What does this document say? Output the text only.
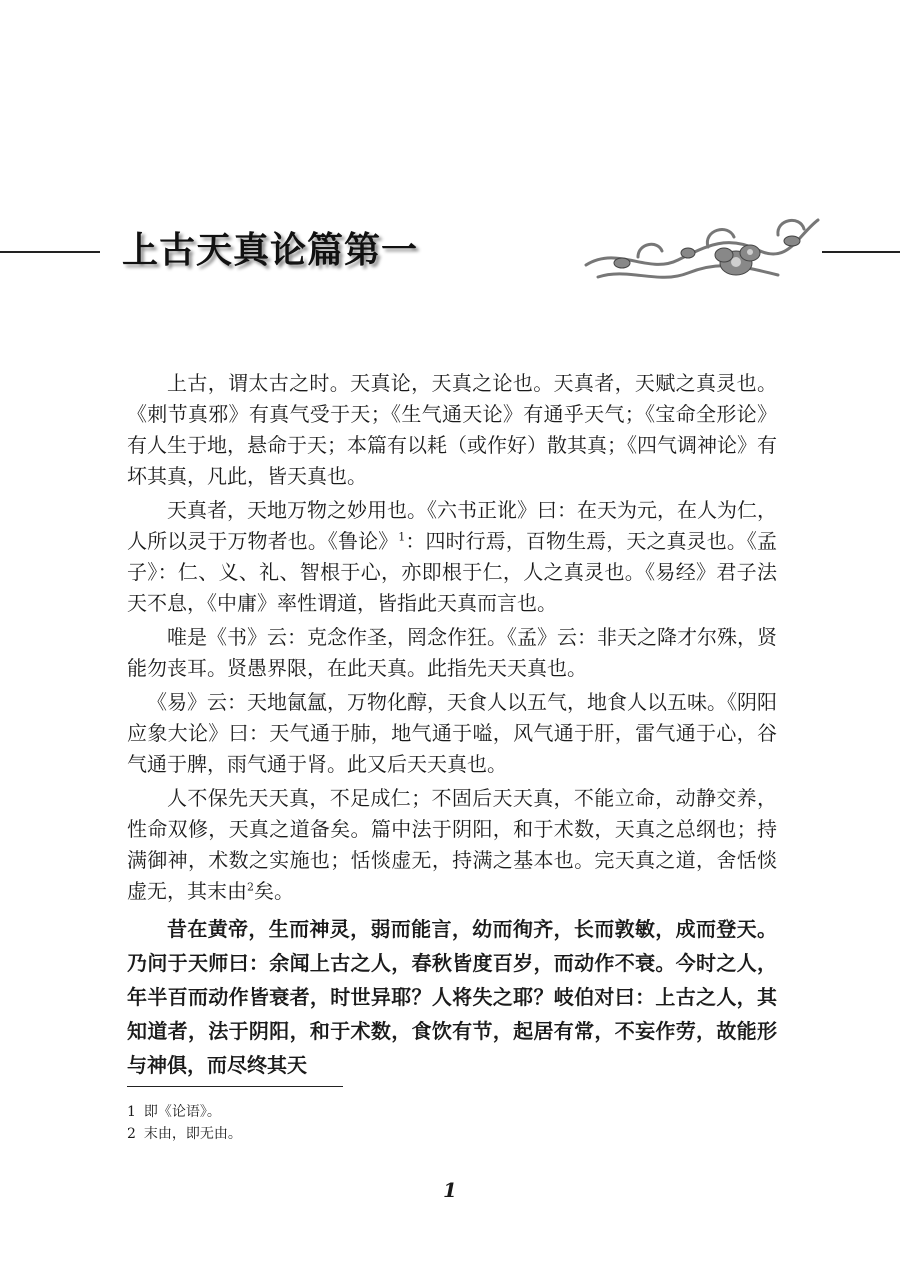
上古天真论篇第一

上古，谓太古之时。天真论，天真之论也。天真者，天赋之真灵也。《刺节真邪》有真气受于天；《生气通天论》有通乎天气；《宝命全形论》有人生于地，悬命于天；本篇有以耗（或作好）散其真；《四气调神论》有坏其真，凡此，皆天真也。

天真者，天地万物之妙用也。《六书正讹》曰：在天为元，在人为仁，人所以灵于万物者也。《鲁论》$^1$：四时行焉，百物生焉，天之真灵也。《孟子》：仁、义、礼、智根于心，亦即根于仁，人之真灵也。《易经》君子法天不息，《中庸》率性谓道，皆指此天真而言也。

唯是《书》云：克念作圣，罔念作狂。《孟》云：非天之降才尔殊，贤能勿丧耳。贤愚界限，在此天真。此指先天天真也。

《易》云：天地氤氲，万物化醇，天食人以五气，地食人以五味。《阴阳应象大论》曰：天气通于肺，地气通于嗌，风气通于肝，雷气通于心，谷气通于脾，雨气通于肾。此又后天天真也。

人不保先天天真，不足成仁；不固后天天真，不能立命，动静交养，性命双修，天真之道备矣。篇中法于阴阳，和于术数，天真之总纲也；持满御神，术数之实施也；恬惔虚无，持满之基本也。完天真之道，舍恬惔虚无，其末由$^2$矣。

昔在黄帝，生而神灵，弱而能言，幼而徇齐，长而敦敏，成而登天。乃问于天师曰：余闻上古之人，春秋皆度百岁，而动作不衰。今时之人，年半百而动作皆衰者，时世异耶？人将失之耶？岐伯对曰：上古之人，其知道者，法于阴阳，和于术数，食饮有节，起居有常，不妄作劳，故能形与神俱，而尽终其天

1 即《论语》。

2 末由，即无由。

1
